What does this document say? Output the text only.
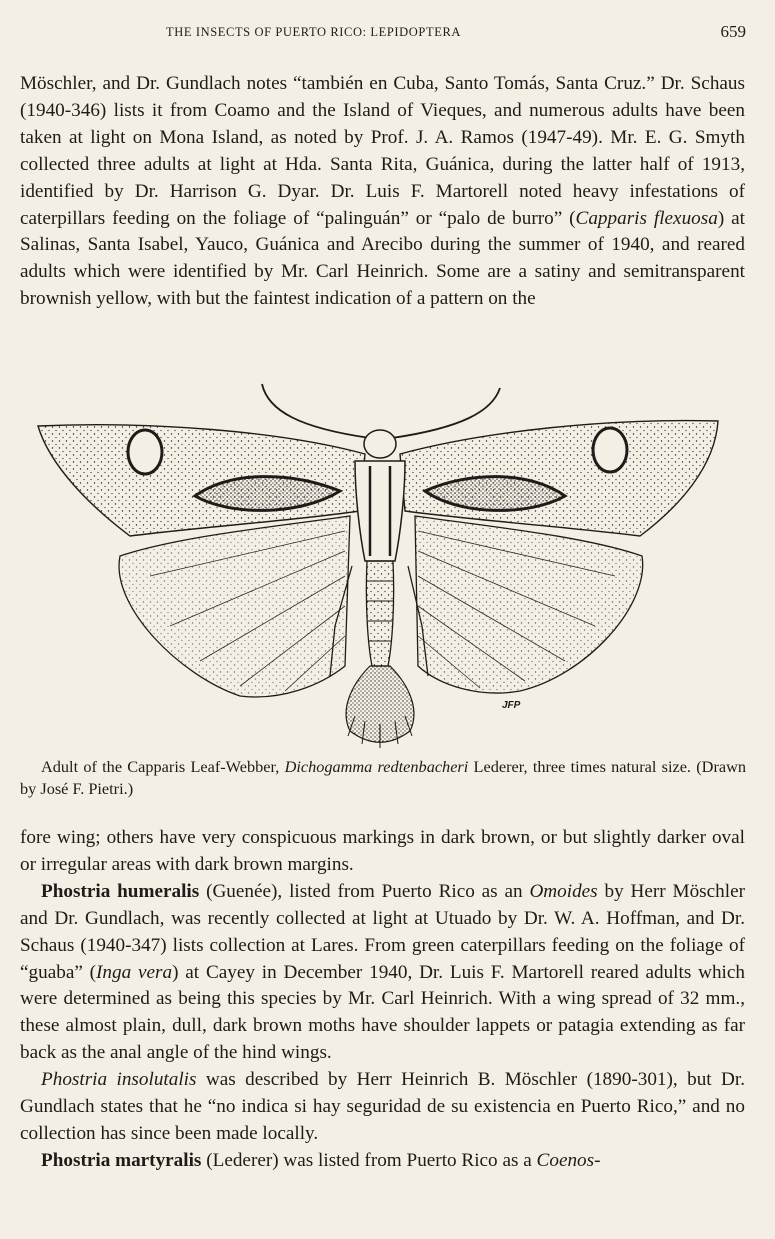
THE INSECTS OF PUERTO RICO: LEPIDOPTERA	659

Möschler, and Dr. Gundlach notes “también en Cuba, Santo Tomás, Santa Cruz.” Dr. Schaus (1940-346) lists it from Coamo and the Island of Vieques, and numerous adults have been taken at light on Mona Island, as noted by Prof. J. A. Ramos (1947-49). Mr. E. G. Smyth collected three adults at light at Hda. Santa Rita, Guánica, during the latter half of 1913, identified by Dr. Harrison G. Dyar. Dr. Luis F. Martorell noted heavy infestations of caterpillars feeding on the foliage of “palinguán” or “palo de burro” (Capparis flexuosa) at Salinas, Santa Isabel, Yauco, Guánica and Arecibo during the summer of 1940, and reared adults which were identified by Mr. Carl Heinrich. Some are a satiny and semitransparent brownish yellow, with but the faintest indication of a pattern on the

JFP

Adult of the Capparis Leaf-Webber, Dichogamma redtenbacheri Lederer, three times natural size. (Drawn by José F. Pietri.)

fore wing; others have very conspicuous markings in dark brown, or but slightly darker oval or irregular areas with dark brown margins.

Phostria humeralis (Guenée), listed from Puerto Rico as an Omoides by Herr Möschler and Dr. Gundlach, was recently collected at light at Utuado by Dr. W. A. Hoffman, and Dr. Schaus (1940-347) lists collection at Lares. From green caterpillars feeding on the foliage of “guaba” (Inga vera) at Cayey in December 1940, Dr. Luis F. Martorell reared adults which were determined as being this species by Mr. Carl Heinrich. With a wing spread of 32 mm., these almost plain, dull, dark brown moths have shoulder lappets or patagia extending as far back as the anal angle of the hind wings.

Phostria insolutalis was described by Herr Heinrich B. Möschler (1890-301), but Dr. Gundlach states that he “no indica si hay seguridad de su existencia en Puerto Rico,” and no collection has since been made locally.

Phostria martyralis (Lederer) was listed from Puerto Rico as a Coenos-
